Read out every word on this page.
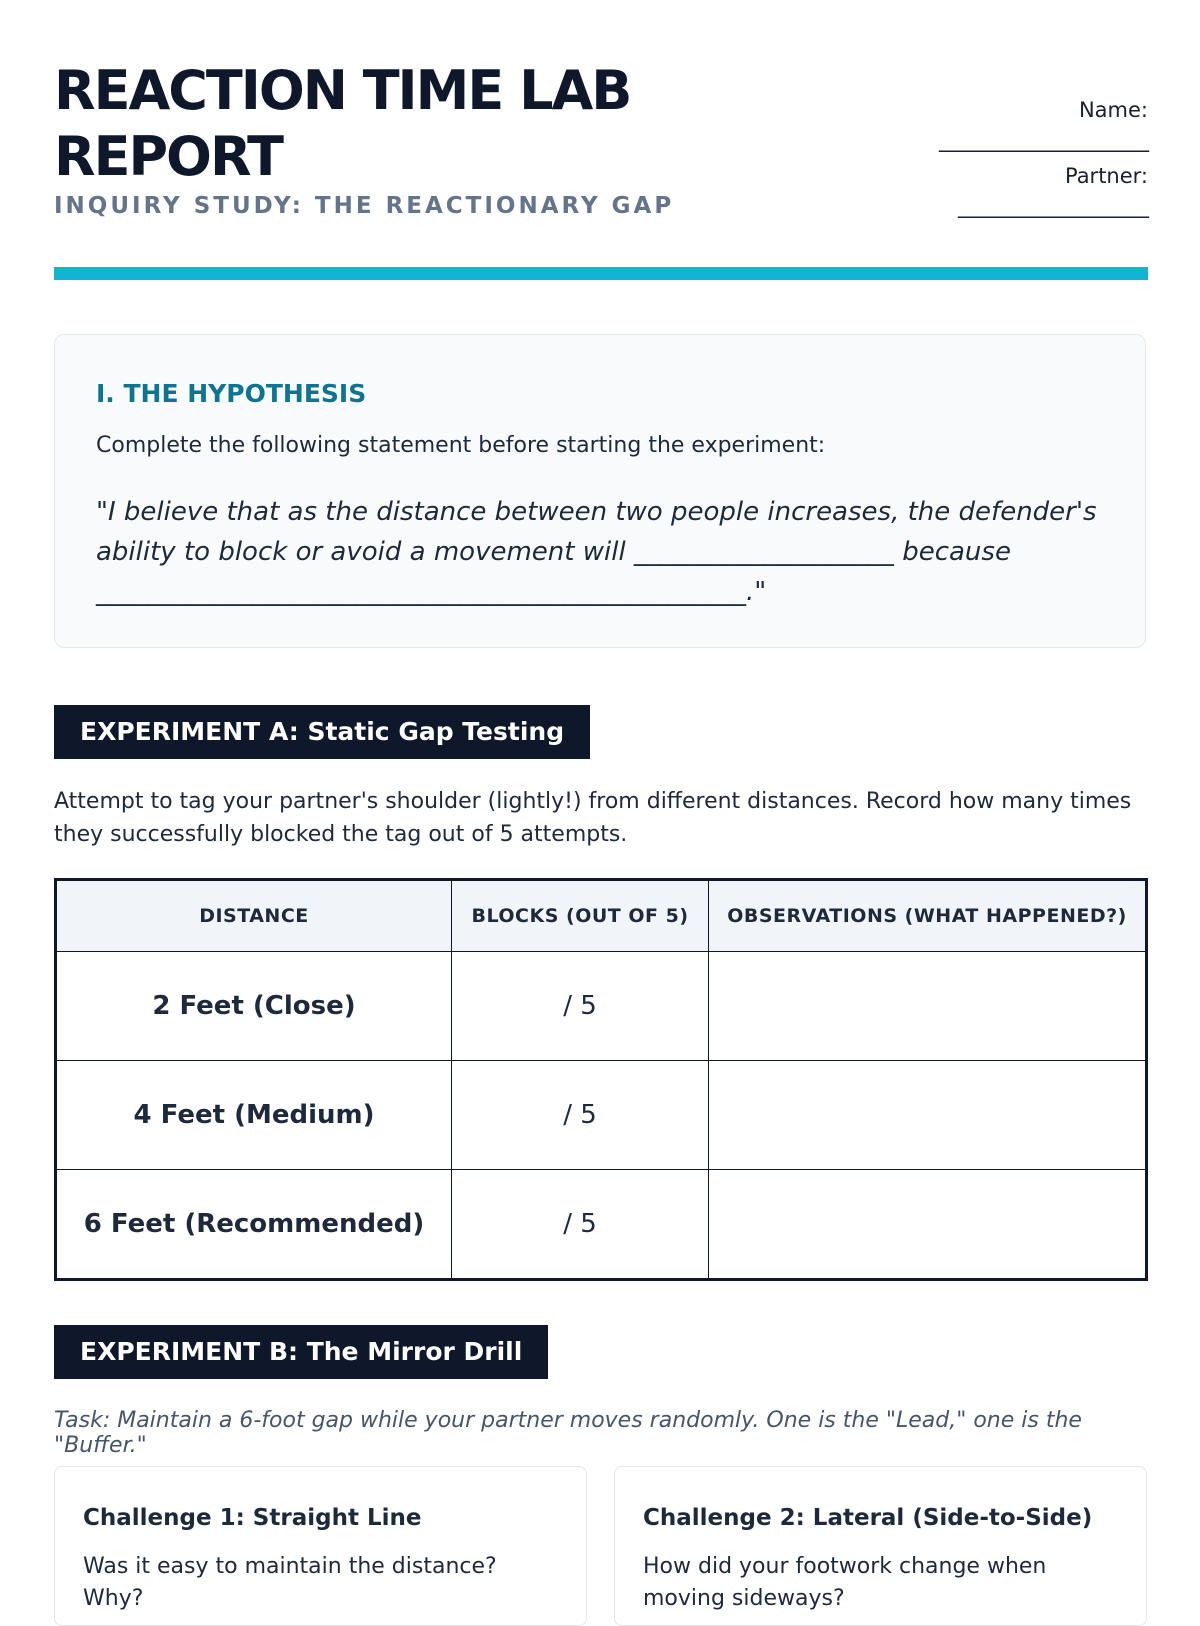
REACTION TIME LAB REPORT
INQUIRY STUDY: THE REACTIONARY GAP
Name:
______________________
Partner:
____________________
I. THE HYPOTHESIS
Complete the following statement before starting the experiment:
"I believe that as the distance between two people increases, the defender's ability to block or avoid a movement will ____________________ because __________________________________________________."
EXPERIMENT A: Static Gap Testing
Attempt to tag your partner's shoulder (lightly!) from different distances. Record how many times they successfully blocked the tag out of 5 attempts.
DISTANCE	BLOCKS (OUT OF 5)	OBSERVATIONS (WHAT HAPPENED?)
2 Feet (Close)	/ 5	
4 Feet (Medium)	/ 5	
6 Feet (Recommended)	/ 5	
EXPERIMENT B: The Mirror Drill
Task: Maintain a 6-foot gap while your partner moves randomly. One is the "Lead," one is the "Buffer."
Challenge 1: Straight Line
Was it easy to maintain the distance? Why?
Challenge 2: Lateral (Side-to-Side)
How did your footwork change when moving sideways?
